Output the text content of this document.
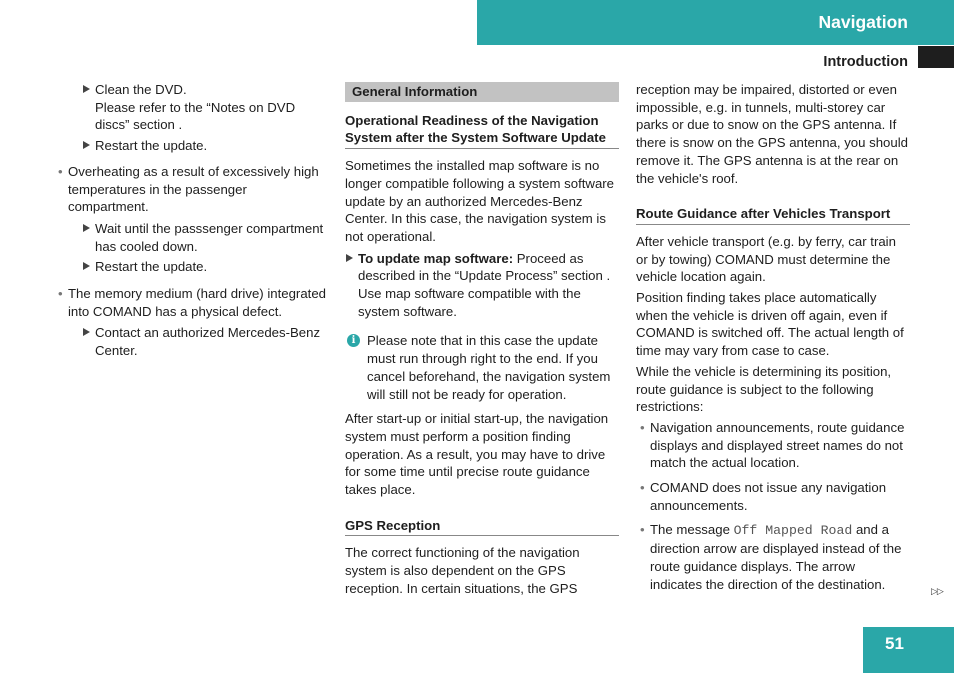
Navigation
Introduction

Clean the DVD.

Please refer to the “Notes on DVD discs” section .

Restart the update.

• Overheating as a result of excessively high temperatures in the passenger compartment.

Wait until the passsenger compartment has cooled down.
Restart the update.

• The memory medium (hard drive) integrated into COMAND has a physical defect.

Contact an authorized Mercedes-Benz Center.
General Information

Operational Readiness of the Navigation System after the System Software Update

Sometimes the installed map software is no longer compatible following a system software update by an authorized Mercedes-Benz Center. In this case, the navigation system is not operational.

To update map software: Proceed as described in the “Update Process” section . Use map software compatible with the system software.
i Please note that in this case the update must run through right to the end. If you cancel beforehand, the navigation system will still not be ready for operation.

After start-up or initial start-up, the navigation system must perform a position finding operation. As a result, you may have to drive for some time until precise route guidance takes place.

GPS Reception

The correct functioning of the navigation system is also dependent on the GPS reception. In certain situations, the GPS

reception may be impaired, distorted or even impossible, e.g. in tunnels, multi-storey car parks or due to snow on the GPS antenna. If there is snow on the GPS antenna, you should remove it. The GPS antenna is at the rear on the vehicle's roof.

Route Guidance after Vehicles Transport

After vehicle transport (e.g. by ferry, car train or by towing) COMAND must determine the vehicle location again.

Position finding takes place automatically when the vehicle is driven off again, even if COMAND is switched off. The actual length of time may vary from case to case.

While the vehicle is determining its position, route guidance is subject to the following restrictions:

• Navigation announcements, route guidance displays and displayed street names do not match the actual location.

• COMAND does not issue any navigation announcements.

• The message Off Mapped Road and a direction arrow are displayed instead of the route guidance displays. The arrow indicates the direction of the destination.	▷▷
51
